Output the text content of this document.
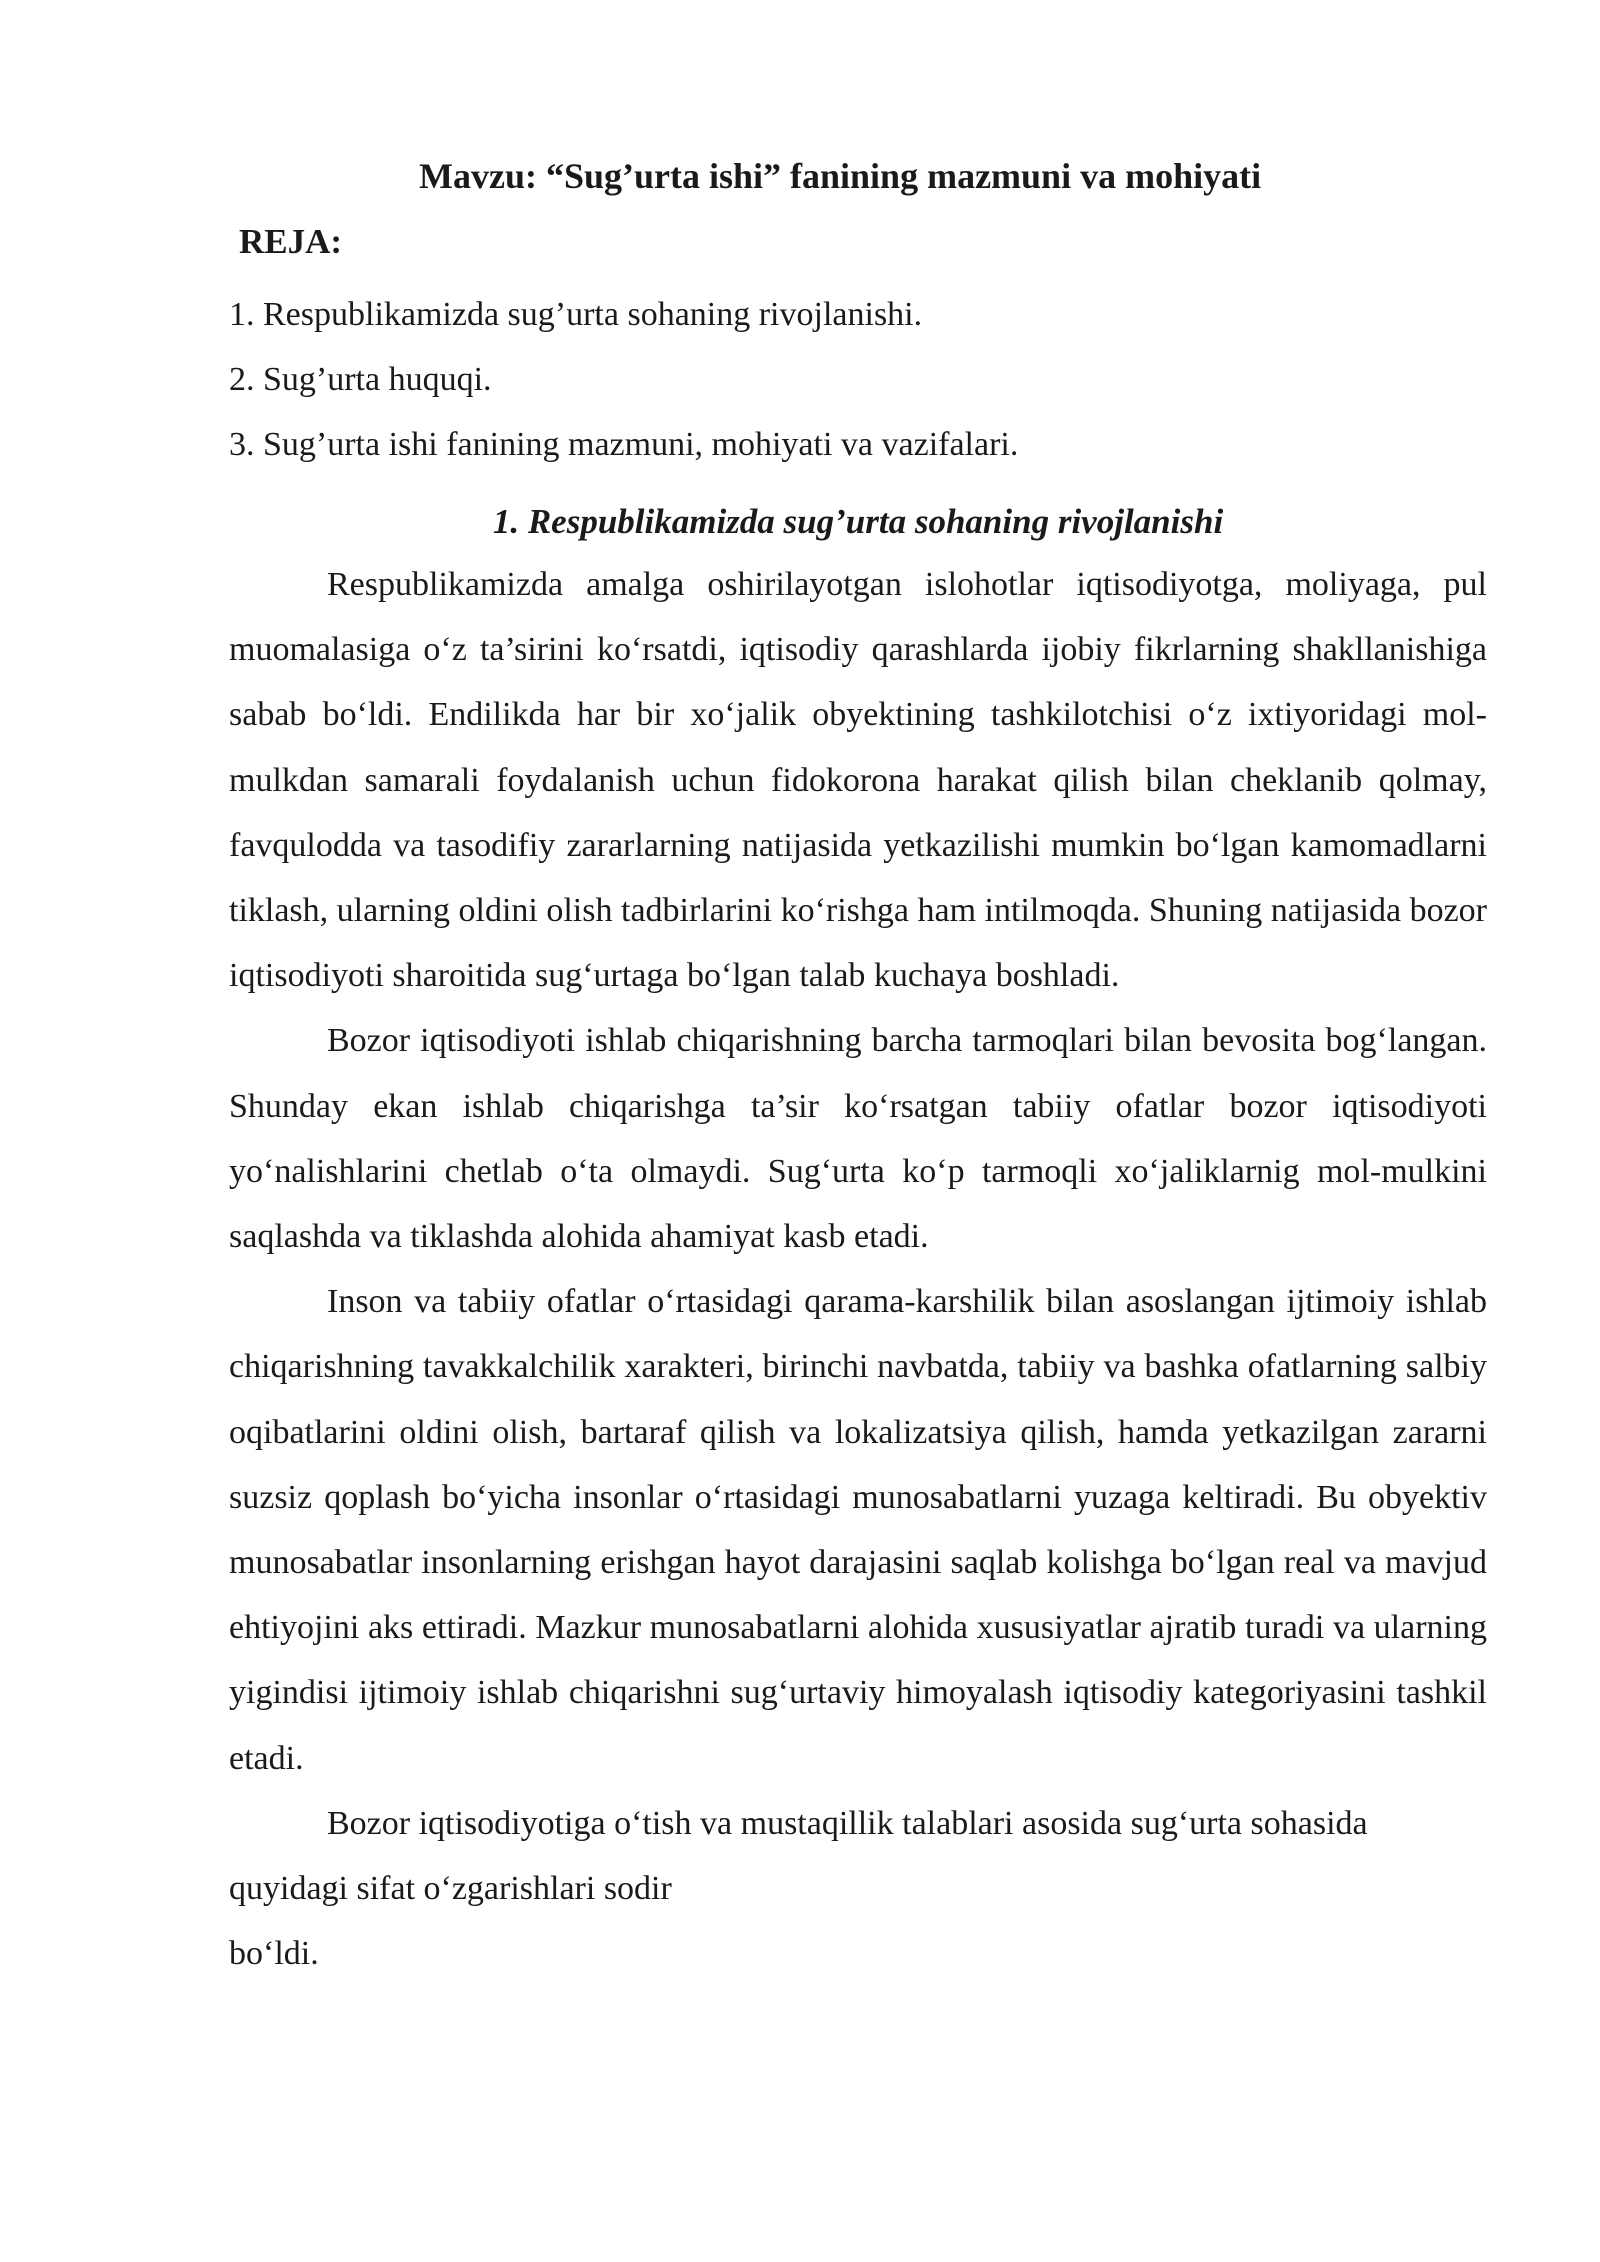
Mavzu: “Sug’urta ishi” fanining mazmuni va mohiyati
REJA:
1. Respublikamizda sug’urta sohaning rivojlanishi.
2. Sug’urta huquqi.
3. Sug’urta ishi fanining mazmuni, mohiyati va vazifalari.
1. Respublikamizda sug’urta sohaning rivojlanishi

Respublikamizda amalga oshirilayotgan islohotlar iqtisodiyotga, moliyaga, pul muomalasiga o‘z ta’sirini ko‘rsatdi, iqtisodiy qarashlarda ijobiy fikrlarning shakllanishiga sabab bo‘ldi. Endilikda har bir xo‘jalik obyektining tashkilotchisi o‘z ixtiyoridagi mol-mulkdan samarali foydalanish uchun fidokorona harakat qilish bilan cheklanib qolmay, favqulodda va tasodifiy zararlarning natijasida yetkazilishi mumkin bo‘lgan kamomadlarni tiklash, ularning oldini olish tadbirlarini ko‘rishga ham intilmoqda. Shuning natijasida bozor iqtisodiyoti sharoitida sug‘urtaga bo‘lgan talab kuchaya boshladi.

Bozor iqtisodiyoti ishlab chiqarishning barcha tarmoqlari bilan bevosita bog‘langan. Shunday ekan ishlab chiqarishga ta’sir ko‘rsatgan tabiiy ofatlar bozor iqtisodiyoti yo‘nalishlarini chetlab o‘ta olmaydi. Sug‘urta ko‘p tarmoqli xo‘jaliklarnig mol-mulkini saqlashda va tiklashda alohida ahamiyat kasb etadi.

Inson va tabiiy ofatlar o‘rtasidagi qarama-karshilik bilan asoslangan ijtimoiy ishlab chiqarishning tavakkalchilik xarakteri, birinchi navbatda, tabiiy va bashka ofatlarning salbiy oqibatlarini oldini olish, bartaraf qilish va lokalizatsiya qilish, hamda yetkazilgan zararni suzsiz qoplash bo‘yicha insonlar o‘rtasidagi munosabatlarni yuzaga keltiradi. Bu obyektiv munosabatlar insonlarning erishgan hayot darajasini saqlab kolishga bo‘lgan real va mavjud ehtiyojini aks ettiradi. Mazkur munosabatlarni alohida xususiyatlar ajratib turadi va ularning yigindisi ijtimoiy ishlab chiqarishni sug‘urtaviy himoyalash iqtisodiy kategoriyasini tashkil etadi.

Bozor iqtisodiyotiga o‘tish va mustaqillik talablari asosida sug‘urta sohasida quyidagi sifat o‘zgarishlari sodir
bo‘ldi.
